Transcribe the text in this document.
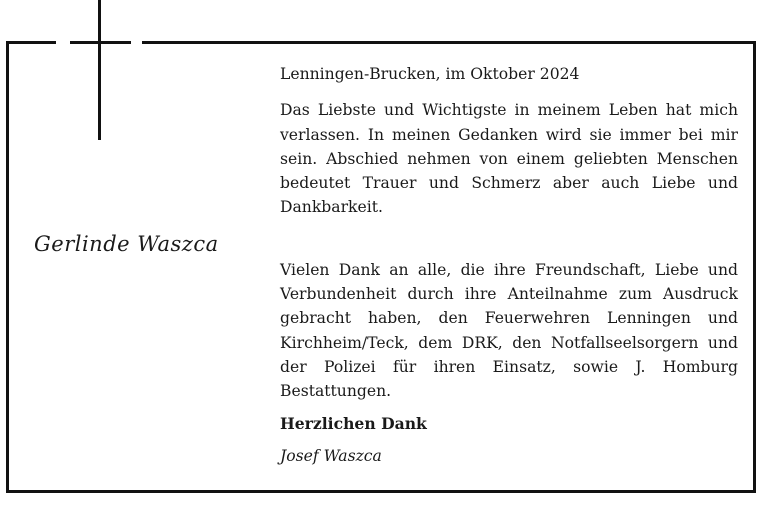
Gerlinde Waszca

Lenningen-Brucken, im Oktober 2024

Das Liebste und Wichtigste in meinem Leben hat mich verlassen. In meinen Gedanken wird sie immer bei mir sein. Abschied nehmen von einem geliebten Menschen bedeutet Trauer und Schmerz aber auch Liebe und Dankbarkeit.

Vielen Dank an alle, die ihre Freundschaft, Liebe und Verbundenheit durch ihre Anteilnahme zum Ausdruck gebracht haben, den Feuerwehren Lenningen und Kirchheim/Teck, dem DRK, den Notfallseelsorgern und der Polizei für ihren Einsatz, sowie J. Homburg Bestattungen.

Herzlichen Dank

Josef Waszca
